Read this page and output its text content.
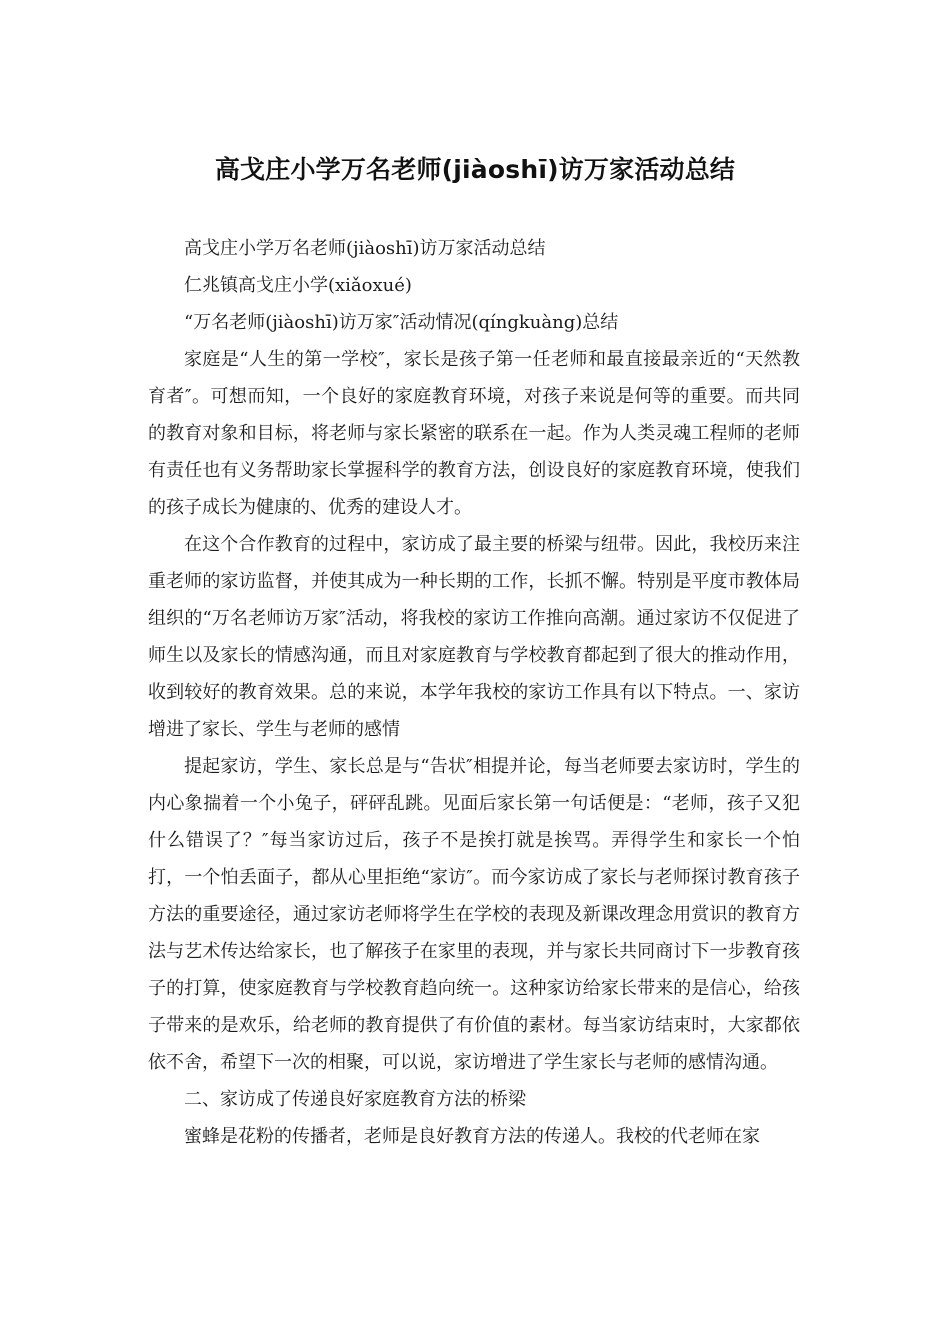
高戈庄小学万名老师(jiàoshī)访万家活动总结

高戈庄小学万名老师(jiàoshī)访万家活动总结

仁兆镇高戈庄小学(xiǎoxué)

“万名老师(jiàoshī)访万家″活动情况(qíngkuàng)总结

家庭是“人生的第一学校″，家长是孩子第一任老师和最直接最亲近的“天然教育者″。可想而知，一个良好的家庭教育环境，对孩子来说是何等的重要。而共同的教育对象和目标，将老师与家长紧密的联系在一起。作为人类灵魂工程师的老师有责任也有义务帮助家长掌握科学的教育方法，创设良好的家庭教育环境，使我们的孩子成长为健康的、优秀的建设人才。

在这个合作教育的过程中，家访成了最主要的桥梁与纽带。因此，我校历来注重老师的家访监督，并使其成为一种长期的工作，长抓不懈。特别是平度市教体局组织的“万名老师访万家″活动，将我校的家访工作推向高潮。通过家访不仅促进了师生以及家长的情感沟通，而且对家庭教育与学校教育都起到了很大的推动作用，收到较好的教育效果。总的来说，本学年我校的家访工作具有以下特点。一、家访增进了家长、学生与老师的感情

提起家访，学生、家长总是与“告状″相提并论，每当老师要去家访时，学生的内心象揣着一个小兔子，砰砰乱跳。见面后家长第一句话便是：“老师，孩子又犯什么错误了？″每当家访过后，孩子不是挨打就是挨骂。弄得学生和家长一个怕打，一个怕丢面子，都从心里拒绝“家访″。而今家访成了家长与老师探讨教育孩子方法的重要途径，通过家访老师将学生在学校的表现及新课改理念用赏识的教育方法与艺术传达给家长，也了解孩子在家里的表现，并与家长共同商讨下一步教育孩子的打算，使家庭教育与学校教育趋向统一。这种家访给家长带来的是信心，给孩子带来的是欢乐，给老师的教育提供了有价值的素材。每当家访结束时，大家都依依不舍，希望下一次的相聚，可以说，家访增进了学生家长与老师的感情沟通。

二、家访成了传递良好家庭教育方法的桥梁

蜜蜂是花粉的传播者，老师是良好教育方法的传递人。我校的代老师在家
